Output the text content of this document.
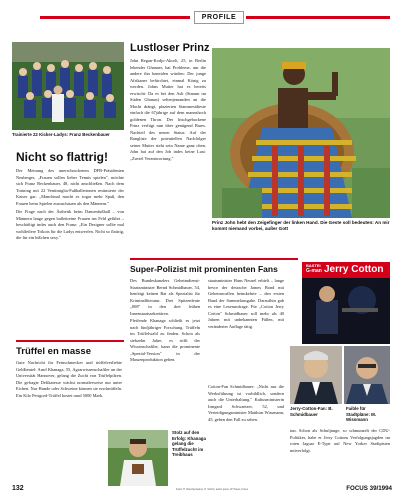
PROFILE
Trainierte 22 Kicker-Ladys: Franz Beckenbauer
Nicht so flattrig!

Der Meinung des unerschrockenen DFB-Präsidenten Neuberger, „Frauen sollen lieber Tennis spielen", möchte sich Franz Beckenbauer, 48, nicht anschließen. Nach dem Training mit 22 Ventimiglia-Fußballerinnen resümierte der Kaiser gar: „Manchmal macht es sogar mehr Spaß, den Frauen beim Spielen zuzuschauen als den Männern."

Die Frage nach der Ästhetik beim Damenfußball – von Männern lange gegen ballettreine Frauen ins Feld geführt – beschäftigt indes auch den Franz: „Ein Designer sollte mal wohlfeilere Trikots für die Ladys entwerfen. Nicht so flattrig, die für ein bißchen sexy."

Lustloser Prinz
John Regan-Kodjo-Akorli, 25, in Berlin lebender Ghanaer, hat Probleme, um die andere ihn beneiden würden: Der junge Afrikaner befürchtet, einmal König zu werden. Johns Mutter hat es bereits erwischt: Da es bei den Asli (Stamm im Süden Ghanas) seltenjemanden an die Macht drängt, plazierten Stammesälteste einfach die 67jährige auf dem mannshoch goldenen Thron. Der frischgebackene Prinz verfügt nun über genügend Bares. Nachteil des neuen Status: Auf der Rangliste der potentiellen Nachfolger seiner Mutter steht sein Name ganz oben. John hat auf den Job indes keine Lust: „Zuviel Verantwortung."
Prinz John hebt den Zeigefinger der linken Hand. Die Geste soll bedeuten: An mir kommt niemand vorbei, außer Gott
Super-Polizist mit prominenten Fans
Des Bundeskanzlers Geheimdienst-Staatsminister Bernd Schmidbauer, 54, benötigt keinen Rat als Spezialist für Kriminalliteratur. Drei Spitzenleute „008" in den drei frühen Innenstaatssekretären.
Pfeifende Khanaga schließt es jetzt nach fünfjähriger Forschung. Trüffeln im Trüffelwald zu finden. Schon als siebzehn Jahre, es trifft der Wissenschaftler, kann die prominente „Spezial-Version" in der Massenproduktion gehen.
staatsminister Hans Neusel erhielt – lange bevor der deutsche James Bond mit Geheimwaffen heimkehrte – den ersten Band der Sammelausgabe. Daraufhin gab es eine Leserumfrage. Für „Cotton Jerry Cotton" Schmidbauer soll mehr als 40 Jahren mit unbekannten Fällen, mit veränderter Auflage tätig.
Cotton-Fan Schmidbauer: „Nicht nur die Werksführung ist vorbildlich, sondern auch die Unterhaltung." Kultusministerin Irmgard Schwaetzer, 52, und Verteidigungsminister Matthias Wissmann, 45, geben den Fall zu sehen.
BASTEI
G-man Jerry Cotton
Jerry-Cotton-Fan: B. Schmidbauer
Faible für Stadtpläne: M. Wissmann
tun. Schon als Schuljunge, so schmunzelt der CDU-Politiker, habe er Jerry Cottons Verfolgungsjagden im roten Jaguar E-Type auf New Yorker Stadtpisten mitverfolgt.
Trüffel en masse
Gute Nachricht für Feinschmecker und trüffelverliebte Geldbeutel: Arnd Khanaga, 55, Agrarwissenschaftler an der Universität Hannover, gelang die Zucht von Trüffelpilzen. Die gefragte Delikatesse wächst normalerweise nur unter Eichen. Nur Hunde oder Schweine können sie erschnüffeln. Ein Kilo Perigord-Trüffel kostet rund 5000 Mark.
Stolz auf den Erfolg: Khanaga gelang die Trüffelzucht im Treibhaus
132	Fotos: H. Rauchensteiner, H. Schulz, action press, W. Hauss, Focus	FOCUS 39/1994
